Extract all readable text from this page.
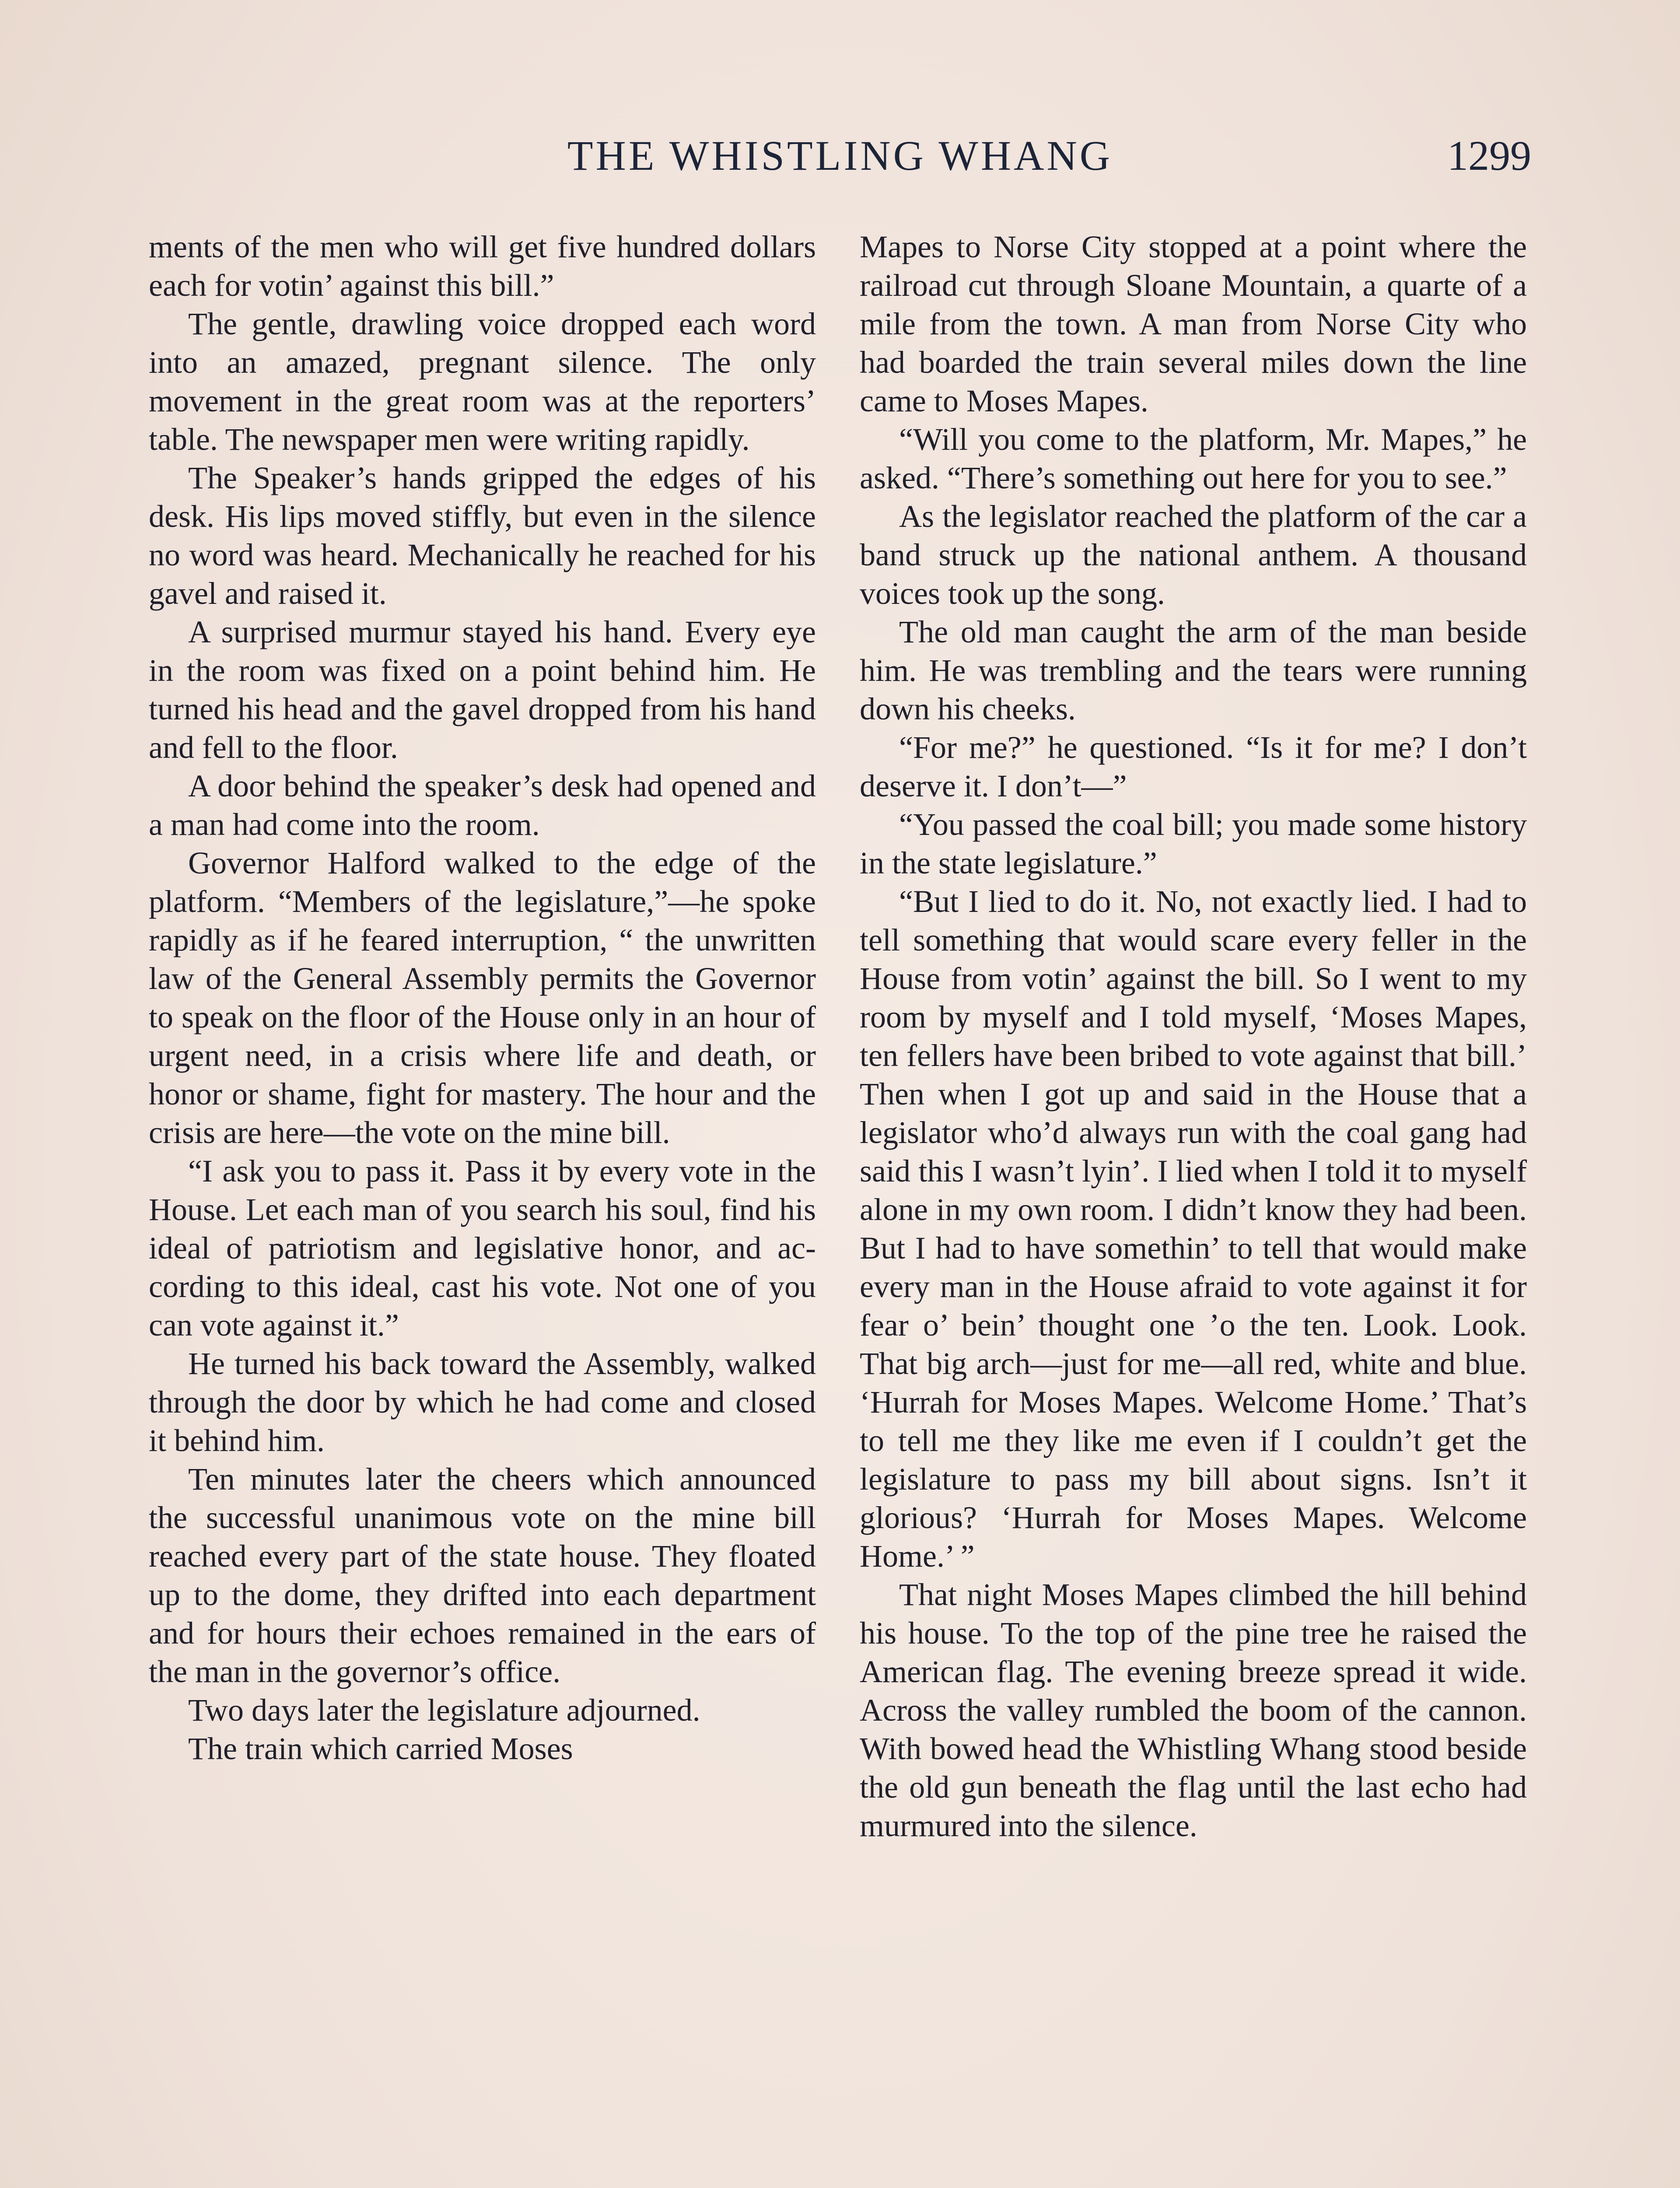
THE WHISTLING WHANG	1299

ments of the men who will get five hundred dollars each for votin’ against this bill.”

The gentle, drawling voice dropped each word into an amazed, pregnant silence. The only movement in the great room was at the reporters’ table. The newspaper men were writing rapidly.

The Speaker’s hands gripped the edges of his desk. His lips moved stiffly, but even in the silence no word was heard. Mechanically he reached for his gavel and raised it.

A surprised murmur stayed his hand. Every eye in the room was fixed on a point behind him. He turned his head and the gavel dropped from his hand and fell to the floor.

A door behind the speaker’s desk had opened and a man had come into the room.

Governor Halford walked to the edge of the platform. “Members of the legislature,”—he spoke rapidly as if he feared interruption, “ the unwritten law of the General Assembly permits the Governor to speak on the floor of the House only in an hour of urgent need, in a crisis where life and death, or honor or shame, fight for mastery. The hour and the crisis are here—the vote on the mine bill.

“I ask you to pass it. Pass it by every vote in the House. Let each man of you search his soul, find his ideal of patriotism and legislative honor, and according to this ideal, cast his vote. Not one of you can vote against it.”

He turned his back toward the Assembly, walked through the door by which he had come and closed it behind him.

Ten minutes later the cheers which announced the successful unanimous vote on the mine bill reached every part of the state house. They floated up to the dome, they drifted into each department and for hours their echoes remained in the ears of the man in the governor’s office.

Two days later the legislature adjourned.

The train which carried Moses

Mapes to Norse City stopped at a point where the railroad cut through Sloane Mountain, a quarte of a mile from the town. A man from Norse City who had boarded the train several miles down the line came to Moses Mapes.

“Will you come to the platform, Mr. Mapes,” he asked. “There’s something out here for you to see.”

As the legislator reached the platform of the car a band struck up the national anthem. A thousand voices took up the song.

The old man caught the arm of the man beside him. He was trembling and the tears were running down his cheeks.

“For me?” he questioned. “Is it for me? I don’t deserve it. I don’t—”

“You passed the coal bill; you made some history in the state legislature.”

“But I lied to do it. No, not exactly lied. I had to tell something that would scare every feller in the House from votin’ against the bill. So I went to my room by myself and I told myself, ‘Moses Mapes, ten fellers have been bribed to vote against that bill.’ Then when I got up and said in the House that a legislator who’d always run with the coal gang had said this I wasn’t lyin’. I lied when I told it to myself alone in my own room. I didn’t know they had been. But I had to have somethin’ to tell that would make every man in the House afraid to vote against it for fear o’ bein’ thought one ’o the ten. Look. Look. That big arch—just for me—all red, white and blue. ‘Hurrah for Moses Mapes. Welcome Home.’ That’s to tell me they like me even if I couldn’t get the legislature to pass my bill about signs. Isn’t it glorious? ‘Hurrah for Moses Mapes. Welcome Home.’ ”

That night Moses Mapes climbed the hill behind his house. To the top of the pine tree he raised the American flag. The evening breeze spread it wide. Across the valley rumbled the boom of the cannon. With bowed head the Whistling Whang stood beside the old gun beneath the flag until the last echo had murmured into the silence.
